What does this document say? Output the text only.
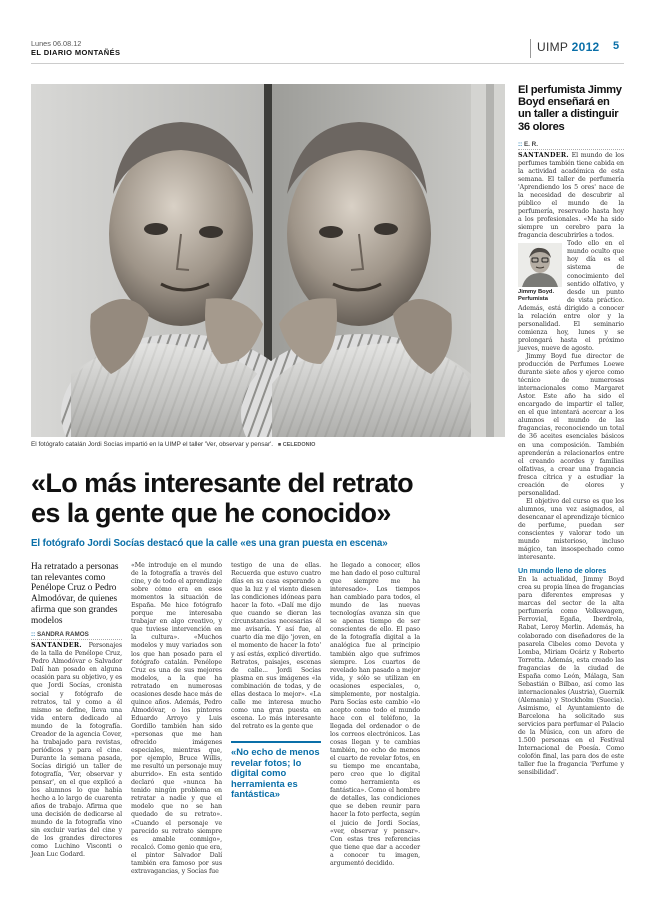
Lunes 06.08.12
EL DIARIO MONTAÑÉS	UIMP 2012 5
El fotógrafo catalán Jordi Socías impartió en la UIMP el taller 'Ver, observar y pensar'. ■ CELEDONIO
«Lo más interesante del retrato
es la gente que he conocido»
El fotógrafo Jordi Socías destacó que la calle «es una gran puesta en escena»
Ha retratado a personas tan relevantes como Penélope Cruz o Pedro Almodóvar, de quienes afirma que son grandes modelos
:: SANDRA RAMOS

SANTANDER. Personajes de la talla de Penélope Cruz, Pedro Almodóvar o Salvador Dalí han posado en alguna ocasión para su objetivo, y es que Jordi Socías, cronista social y fotógrafo de retratos, tal y como a él mismo se define, lleva una vida entera dedicado al mundo de la fotografía. Creador de la agencia Cover, ha trabajado para revistas, periódicos y para el cine. Durante la semana pasada, Socías dirigió un taller de fotografía, 'Ver, observar y pensar', en el que explicó a los alumnos lo que había hecho a lo largo de cuarenta años de trabajo. Afirma que una decisión de dedicarse al mundo de la fotografía vino sin excluir varias del cine y de los grandes directores como Luchino Visconti o Jean Luc Godard.

«Me introduje en el mundo de la fotografía a través del cine, y de todo el aprendizaje sobre cómo era en esos momentos la situación de España. Me hice fotógrafo porque me interesaba trabajar en algo creativo, y que tuviese intervención en la cultura». «Muchos modelos y muy variados son los que han posado para el fotógrafo catalán. Penélope Cruz es una de sus mejores modelos, a la que ha retratado en numerosas ocasiones desde hace más de quince años. Además, Pedro Almodóvar, o los pintores Eduardo Arroyo y Luis Gordillo también han sido «personas que me han ofrecido imágenes especiales, mientras que, por ejemplo, Bruce Willis, me resultó un personaje muy aburrido». En esta sentido declaró que «nunca ha tenido ningún problema en retratar a nadie y que el modelo que no se han quedado de su retrato». «Cuando el personaje ve parecido su retrato siempre es amable conmigo», recalcó. Como genio que era, el pintor Salvador Dalí también era famoso por sus extravagancias, y Socías fue

testigo de una de ellas. Recuerda que estuvo cuatro días en su casa esperando a que la luz y el viento diesen las condiciones idóneas para hacer la foto. «Dalí me dijo que cuando se dieran las circunstancias necesarias él me avisaría. Y así fue, al cuarto día me dijo 'joven, en el momento de hacer la foto' y así estás, explicó divertido. Retratos, paisajes, escenas de calle... Jordi Socías plasma en sus imágenes «la combinación de todas, y de ellas destaca lo mejor». «La calle me interesa mucho como una gran puesta en escena. Lo más interesante del retrato es la gente que

«No echo de menos revelar fotos; lo digital como herramienta es fantástica»

he llegado a conocer, ellos me han dado el poso cultural que siempre me ha interesado». Los tiempos han cambiado para todos, el mundo de las nuevas tecnologías avanza sin que se apenas tiempo de ser conscientes de ello. El paso de la fotografía digital a la analógica fue al principio también algo que sufrimos siempre. Los cuartos de revelado han pasado a mejor vida, y sólo se utilizan en ocasiones especiales, o, simplemente, por nostalgia. Para Socías este cambio «lo acepto como todo el mundo hace con el teléfono, la llegada del ordenador o de los correos electrónicos. Las cosas llegan y te cambias también, no echo de menos el cuarto de revelar fotos, en su tiempo me encantaba, pero creo que lo digital como herramienta es fantástica». Como el hombre de detalles, las condiciones que se deben reunir para hacer la foto perfecta, según el juicio de Jordi Socías, «ver, observar y pensar». Con estas tres referencias que tiene que dar a acceder a conocer tu imagen, argumentó decidido.

El perfumista Jimmy Boyd enseñará en un taller a distinguir 36 olores
:: E. R.

SANTANDER. El mundo de los perfumes también tiene cabida en la actividad académica de esta semana. El taller de perfumería 'Aprendiendo los 5 ores' nace de la necesidad de descubrir al público el mundo de la perfumería, reservado hasta hoy a los profesionales. «Me ha sido siempre un cerebro para la fragancia descubrirles a todos.

Jimmy Boyd. Perfumista

Todo ello en el mundo oculto que hoy día es el sistema de conocimiento del sentido olfativo, y desde un punto de vista práctico. Además, está dirigido a conocer la relación entre olor y la personalidad. El seminario comienza hoy, lunes y se prolongará hasta el próximo jueves, nueve de agosto.

Jimmy Boyd fue director de producción de Perfumes Loewe durante siete años y ejerce como técnico de numerosas internacionales como Margaret Astor. Este año ha sido el encargado de impartir el taller, en el que intentará acercar a los alumnos el mundo de las fragancias, reconociendo un total de 36 aceites esenciales básicos en una composición. También aprenderán a relacionarlos entre el creando acordes y familias olfativas, a crear una fragancia fresca cítrica y a estudiar la creación de olores y personalidad.

El objetivo del curso es que los alumnos, una vez asignados, al desencanar el aprendizaje técnico de perfume, puedan ser conscientes y valorar todo un mundo misterioso, incluso mágico, tan insospechado como interesante.

Un mundo lleno de olores

En la actualidad, Jimmy Boyd crea su propia línea de fragancias para diferentes empresas y marcas del sector de la alta perfumería como Volkswagen, Ferrovial, Egaña, Iberdrola, Rabat, Leroy Merlin. Además, ha colaborado con diseñadores de la pasarela Cibeles como Devota y Lomba, Miriam Ocáriz y Roberto Torretta. Además, esta creado las fragancias de la ciudad de España como León, Málaga, San Sebastián o Bilbao, así como las internacionales (Austria), Guernik (Alemania) y Stockholm (Suecia). Asimismo, el Ayuntamiento de Barcelona ha solicitado sus servicios para perfumar el Palacio de la Música, con un aforo de 1.500 personas en el Festival Internacional de Poesía. Como colofón final, las para dos de este taller fue la fragancia 'Perfume y sensibilidad'.
